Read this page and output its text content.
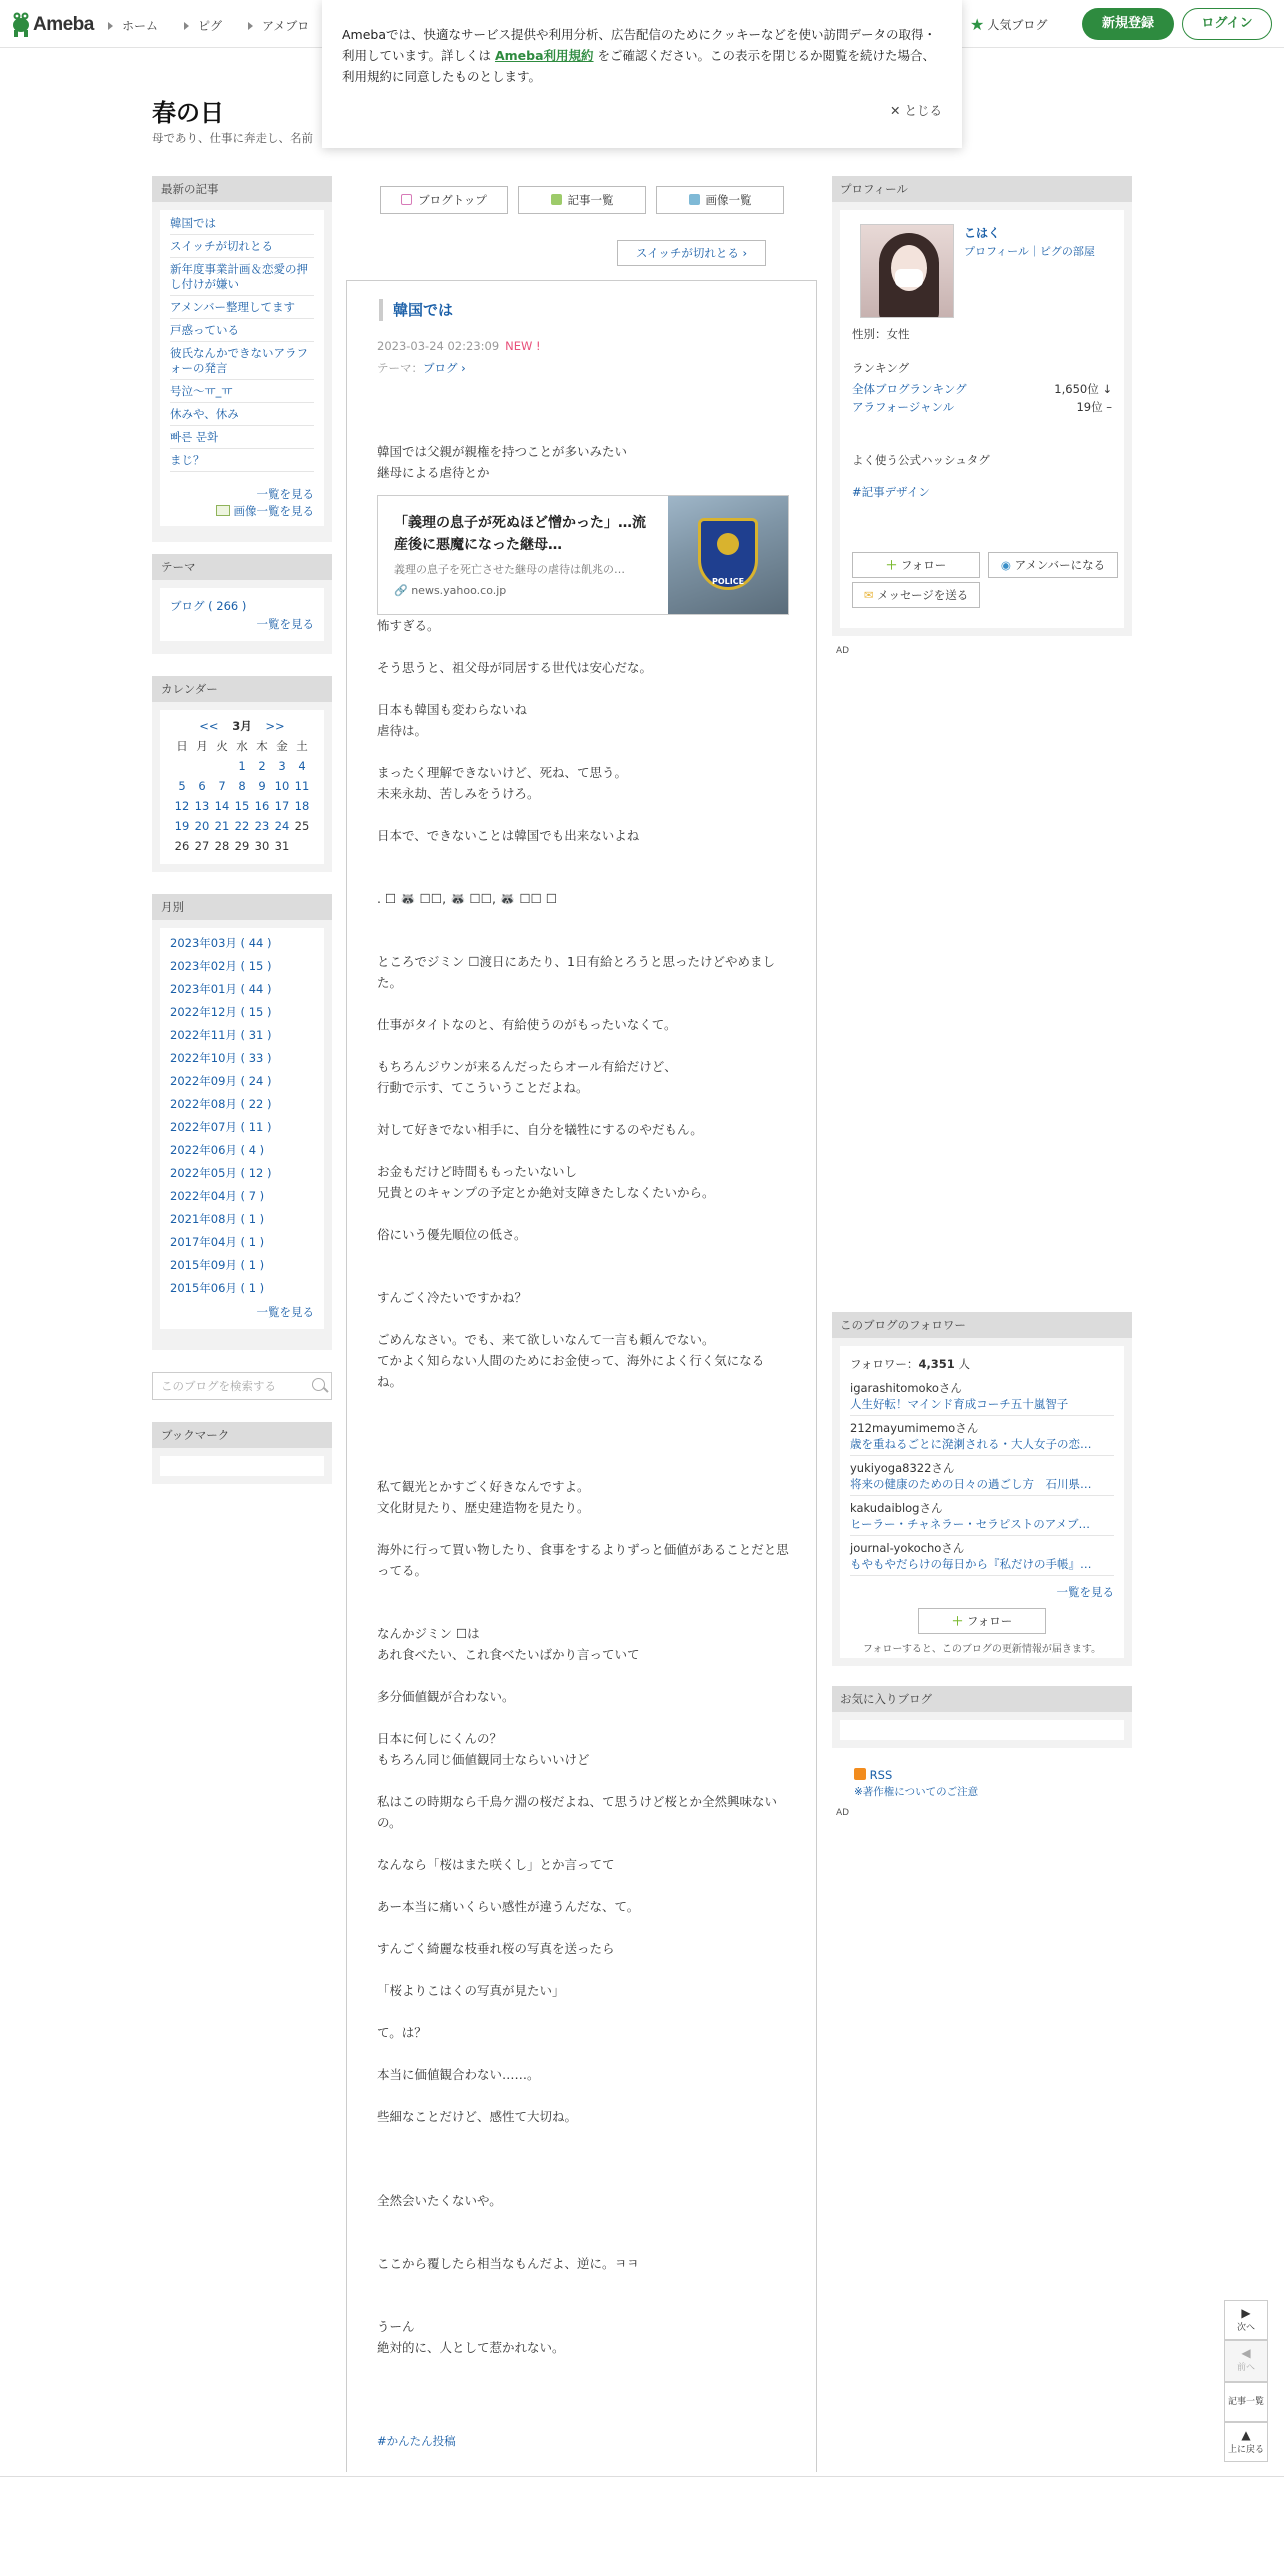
Ameba ホーム	ピグ	アメブロ	★ 人気ブログ	新規登録	ログイン
Amebaでは、快適なサービス提供や利用分析、広告配信のためにクッキーなどを使い訪問データの取得・利用しています。詳しくは Ameba利用規約 をご確認ください。この表示を閉じるか閲覧を続けた場合、利用規約に同意したものとします。
✕ とじる
春の日
母であり、仕事に奔走し、名前
最新の記事
韓国では
スイッチが切れとる
新年度事業計画＆恋愛の押し付けが嫌い
アメンバー整理してます
戸惑っている
彼氏なんかできないアラフォーの発言
号泣〜ㅠ_ㅠ
休みや、休み
빠른 문화
まじ？
一覧を見る
画像一覧を見る
テーマ
ブログ ( 266 )
一覧を見る
カレンダー
<< 3月 >>
日	月	火	水	木	金	土
			1	2	3	4
5	6	7	8	9	10	11
12	13	14	15	16	17	18
19	20	21	22	23	24	25
26	27	28	29	30	31	
月別
2023年03月 ( 44 )
2023年02月 ( 15 )
2023年01月 ( 44 )
2022年12月 ( 15 )
2022年11月 ( 31 )
2022年10月 ( 33 )
2022年09月 ( 24 )
2022年08月 ( 22 )
2022年07月 ( 11 )
2022年06月 ( 4 )
2022年05月 ( 12 )
2022年04月 ( 7 )
2021年08月 ( 1 )
2017年04月 ( 1 )
2015年09月 ( 1 )
2015年06月 ( 1 )
一覧を見る
このブログを検索する
ブックマーク
ブログトップ	記事一覧	画像一覧
スイッチが切れとる ›
韓国では
2023-03-24 02:23:09 NEW !
テーマ：ブログ ›

韓国では父親が親権を持つことが多いみたい

継母による虐待とか

「義理の息子が死ぬほど憎かった」…流産後に悪魔になった継母…
義理の息子を死亡させた継母の虐待は飢兆の…
🔗 news.yahoo.co.jp
POLICE

怖すぎる。

そう思うと、祖父母が同居する世代は安心だな。

日本も韓国も変わらないね

虐待は。

まったく理解できないけど、死ね、て思う。

未来永劫、苦しみをうけろ。

日本で、できないことは韓国でも出来ないよね

. ☐ 🦝 ☐☐, 🦝 ☐☐, 🦝 ☐☐ ☐

ところでジミン ☐渡日にあたり、1日有給とろうと思ったけどやめました。

仕事がタイトなのと、有給使うのがもったいなくて。

もちろんジウンが来るんだったらオール有給だけど、

行動で示す、てこういうことだよね。

対して好きでない相手に、自分を犠牲にするのやだもん。

お金もだけど時間ももったいないし

兄貴とのキャンプの予定とか絶対支障きたしなくたいから。

俗にいう優先順位の低さ。

すんごく冷たいですかね？

ごめんなさい。でも、来て欲しいなんて一言も頼んでない。

てかよく知らない人間のためにお金使って、海外によく行く気になるね。

私て観光とかすごく好きなんですよ。

文化財見たり、歴史建造物を見たり。

海外に行って買い物したり、食事をするよりずっと価値があることだと思ってる。

なんかジミン ☐は

あれ食べたい、これ食べたいばかり言っていて

多分価値観が合わない。

日本に何しにくんの？

もちろん同じ価値観同士ならいいけど

私はこの時期なら千鳥ケ淵の桜だよね、て思うけど桜とか全然興味ないの。

なんなら「桜はまた咲くし」とか言ってて

あー本当に痛いくらい感性が違うんだな、て。

すんごく綺麗な枝垂れ桜の写真を送ったら

「桜よりこはくの写真が見たい」

て。は？

本当に価値観合わない……。

些細なことだけど、感性て大切ね。

全然会いたくないや。

ここから覆したら相当なもんだよ、逆に。ㅋㅋ

うーん

絶対的に、人として惹かれない。

#かんたん投稿
プロフィール
こはく
プロフィール｜ピグの部屋
性別：女性
ランキング
全体ブログランキング	1,650位 ↓
アラフォージャンル	19位 –
よく使う公式ハッシュタグ
#記事デザイン
＋ フォロー	◉ アメンバーになる
✉ メッセージを送る
AD
このブログのフォロワー
フォロワー：4,351 人
igarashitomokoさん
人生好転！マインド育成コーチ五十嵐智子
212mayumimemoさん
歳を重ねるごとに溌溂される・大人女子の恋…
yukiyoga8322さん
将来の健康のための日々の過ごし方　石川県…
kakudaiblogさん
ヒーラー・チャネラー・セラピストのアメブ…
journal-yokochoさん
もやもやだらけの毎日から『私だけの手帳』…
一覧を見る
＋ フォロー
フォローすると、このブログの更新情報が届きます。
お気に入りブログ
RSS
※著作権についてのご注意
AD
▶
次へ
◀
前へ
記事一覧
▲
上に戻る
